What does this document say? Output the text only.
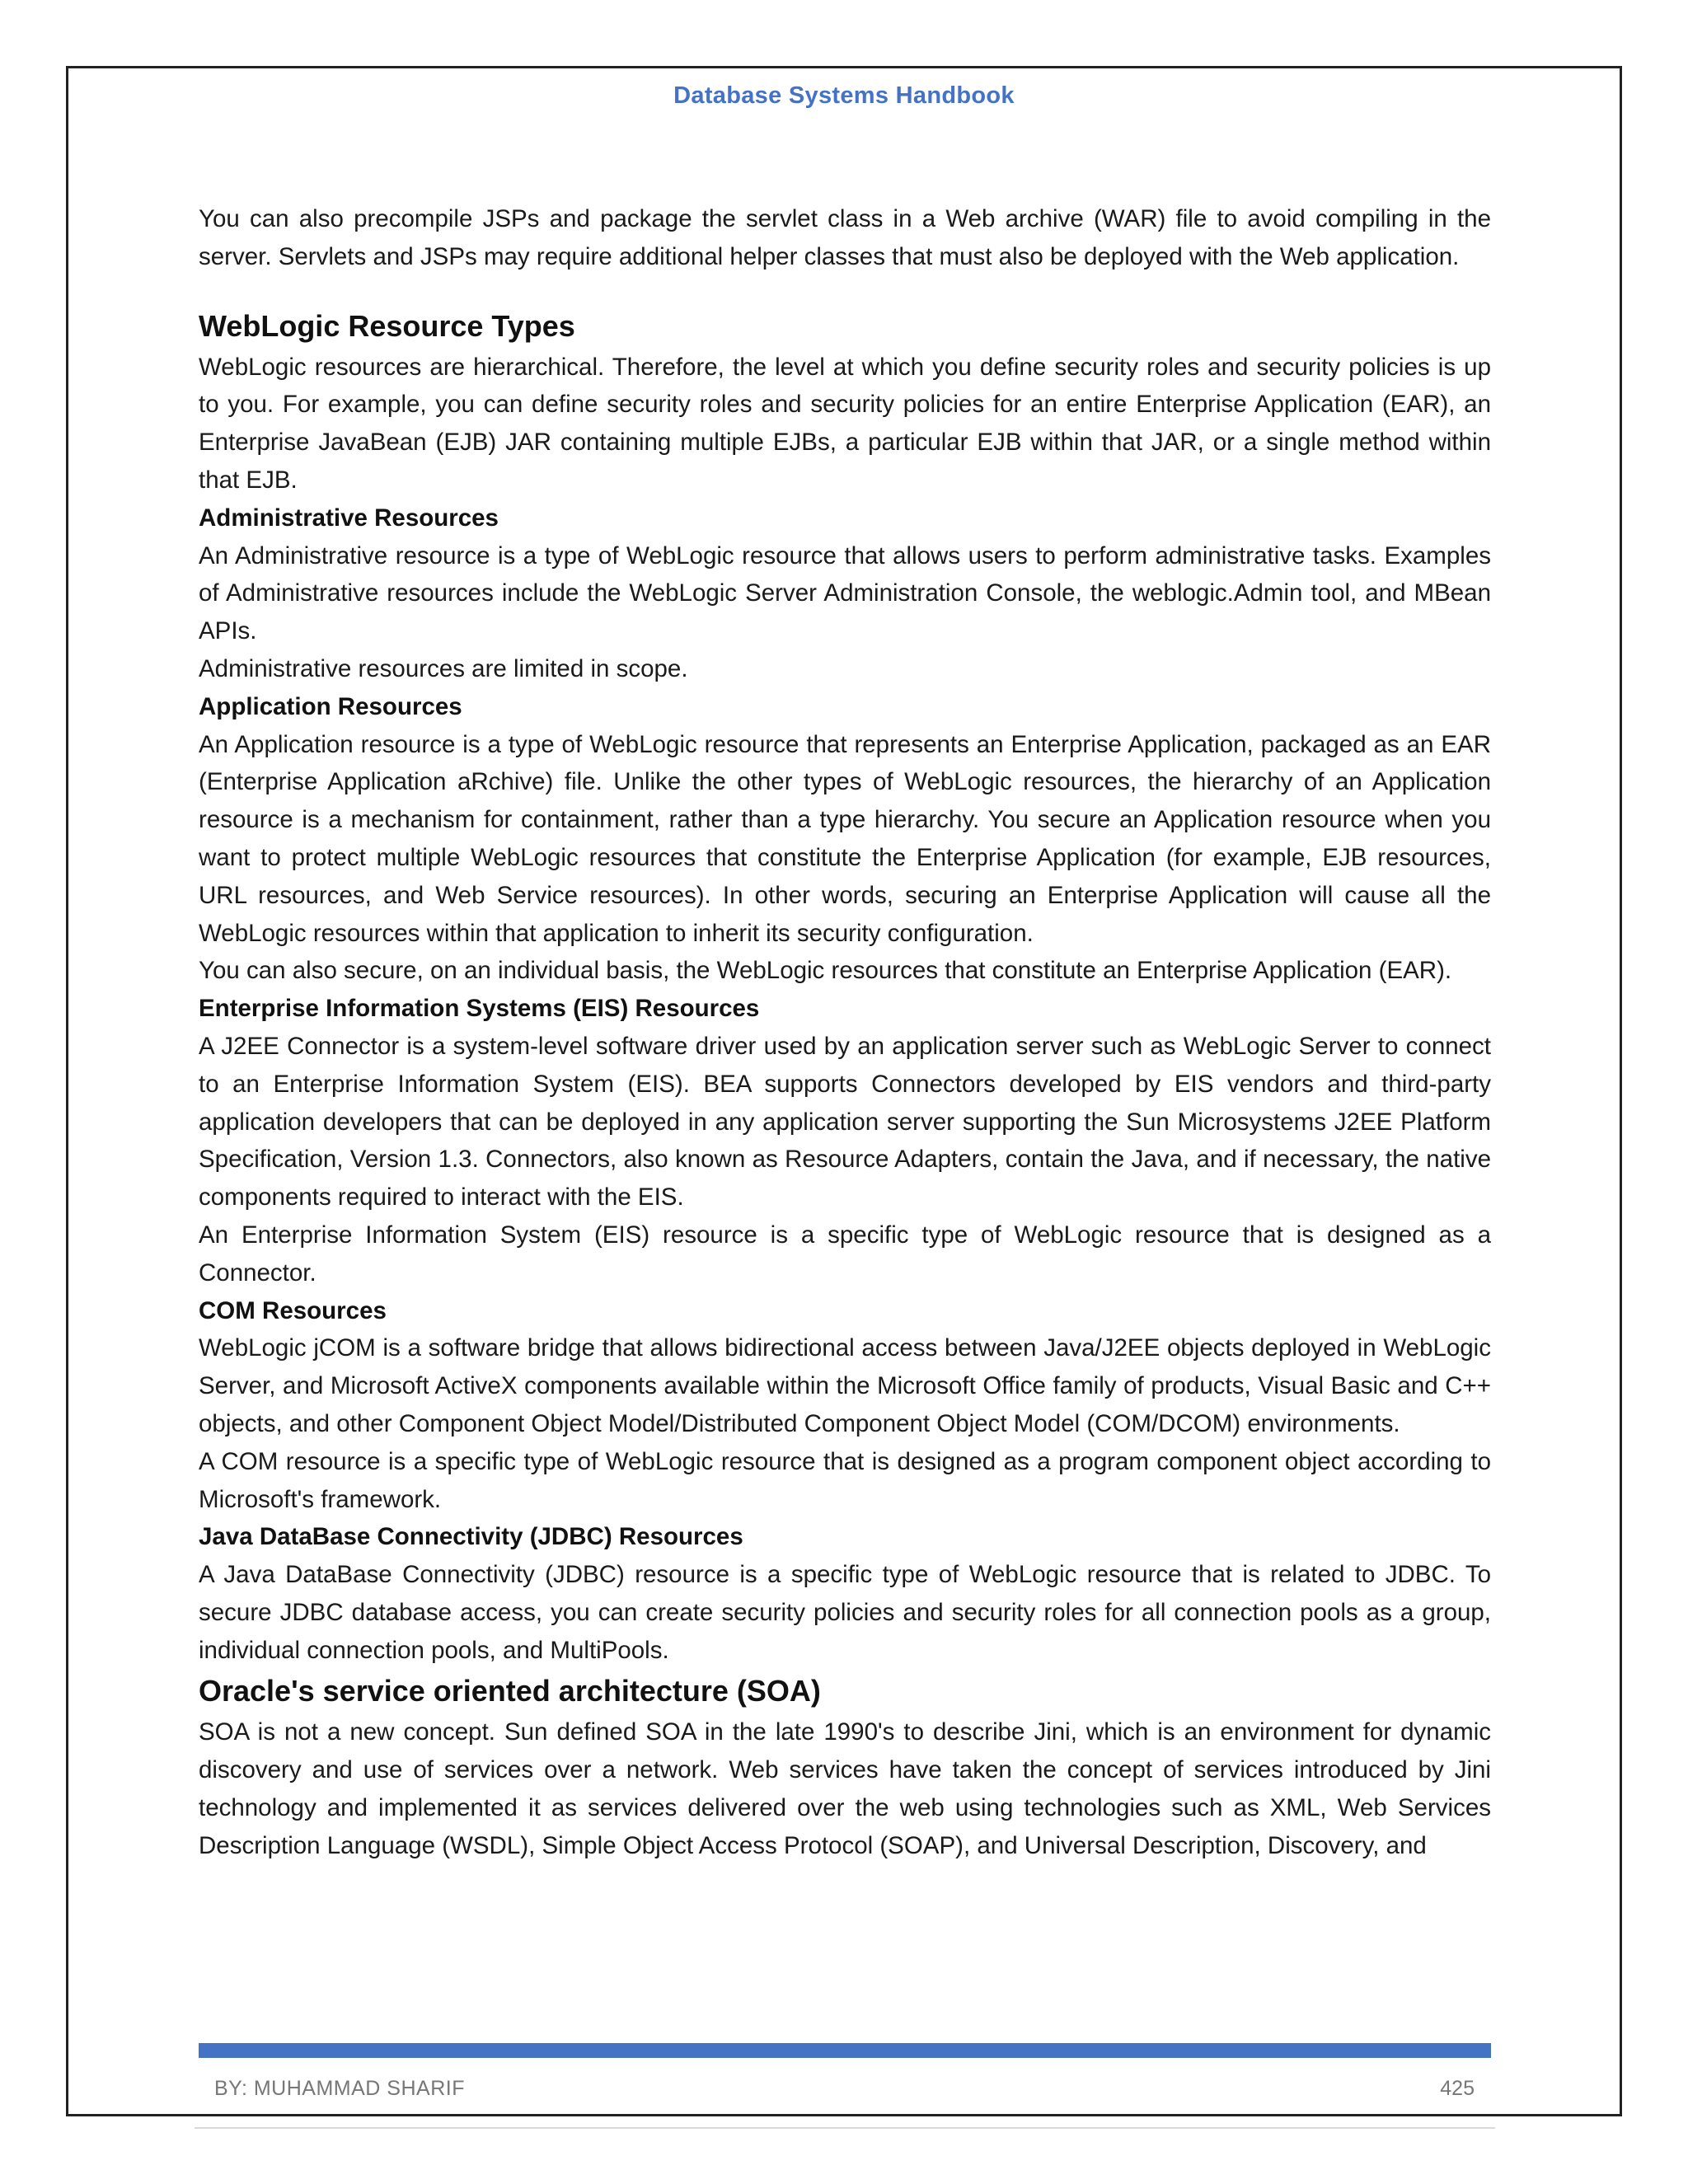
Database Systems Handbook

You can also precompile JSPs and package the servlet class in a Web archive (WAR) file to avoid compiling in the server. Servlets and JSPs may require additional helper classes that must also be deployed with the Web application.

WebLogic Resource Types

WebLogic resources are hierarchical. Therefore, the level at which you define security roles and security policies is up to you. For example, you can define security roles and security policies for an entire Enterprise Application (EAR), an Enterprise JavaBean (EJB) JAR containing multiple EJBs, a particular EJB within that JAR, or a single method within that EJB.

Administrative Resources

An Administrative resource is a type of WebLogic resource that allows users to perform administrative tasks. Examples of Administrative resources include the WebLogic Server Administration Console, the weblogic.Admin tool, and MBean APIs.

Administrative resources are limited in scope.

Application Resources

An Application resource is a type of WebLogic resource that represents an Enterprise Application, packaged as an EAR (Enterprise Application aRchive) file. Unlike the other types of WebLogic resources, the hierarchy of an Application resource is a mechanism for containment, rather than a type hierarchy. You secure an Application resource when you want to protect multiple WebLogic resources that constitute the Enterprise Application (for example, EJB resources, URL resources, and Web Service resources). In other words, securing an Enterprise Application will cause all the WebLogic resources within that application to inherit its security configuration.

You can also secure, on an individual basis, the WebLogic resources that constitute an Enterprise Application (EAR).

Enterprise Information Systems (EIS) Resources

A J2EE Connector is a system-level software driver used by an application server such as WebLogic Server to connect to an Enterprise Information System (EIS). BEA supports Connectors developed by EIS vendors and third-party application developers that can be deployed in any application server supporting the Sun Microsystems J2EE Platform Specification, Version 1.3. Connectors, also known as Resource Adapters, contain the Java, and if necessary, the native components required to interact with the EIS.

An Enterprise Information System (EIS) resource is a specific type of WebLogic resource that is designed as a Connector.

COM Resources

WebLogic jCOM is a software bridge that allows bidirectional access between Java/J2EE objects deployed in WebLogic Server, and Microsoft ActiveX components available within the Microsoft Office family of products, Visual Basic and C++ objects, and other Component Object Model/Distributed Component Object Model (COM/DCOM) environments.

A COM resource is a specific type of WebLogic resource that is designed as a program component object according to Microsoft's framework.

Java DataBase Connectivity (JDBC) Resources

A Java DataBase Connectivity (JDBC) resource is a specific type of WebLogic resource that is related to JDBC. To secure JDBC database access, you can create security policies and security roles for all connection pools as a group, individual connection pools, and MultiPools.

Oracle's service oriented architecture (SOA)

SOA is not a new concept. Sun defined SOA in the late 1990's to describe Jini, which is an environment for dynamic discovery and use of services over a network. Web services have taken the concept of services introduced by Jini technology and implemented it as services delivered over the web using technologies such as XML, Web Services Description Language (WSDL), Simple Object Access Protocol (SOAP), and Universal Description, Discovery, and

BY: MUHAMMAD SHARIF	425
